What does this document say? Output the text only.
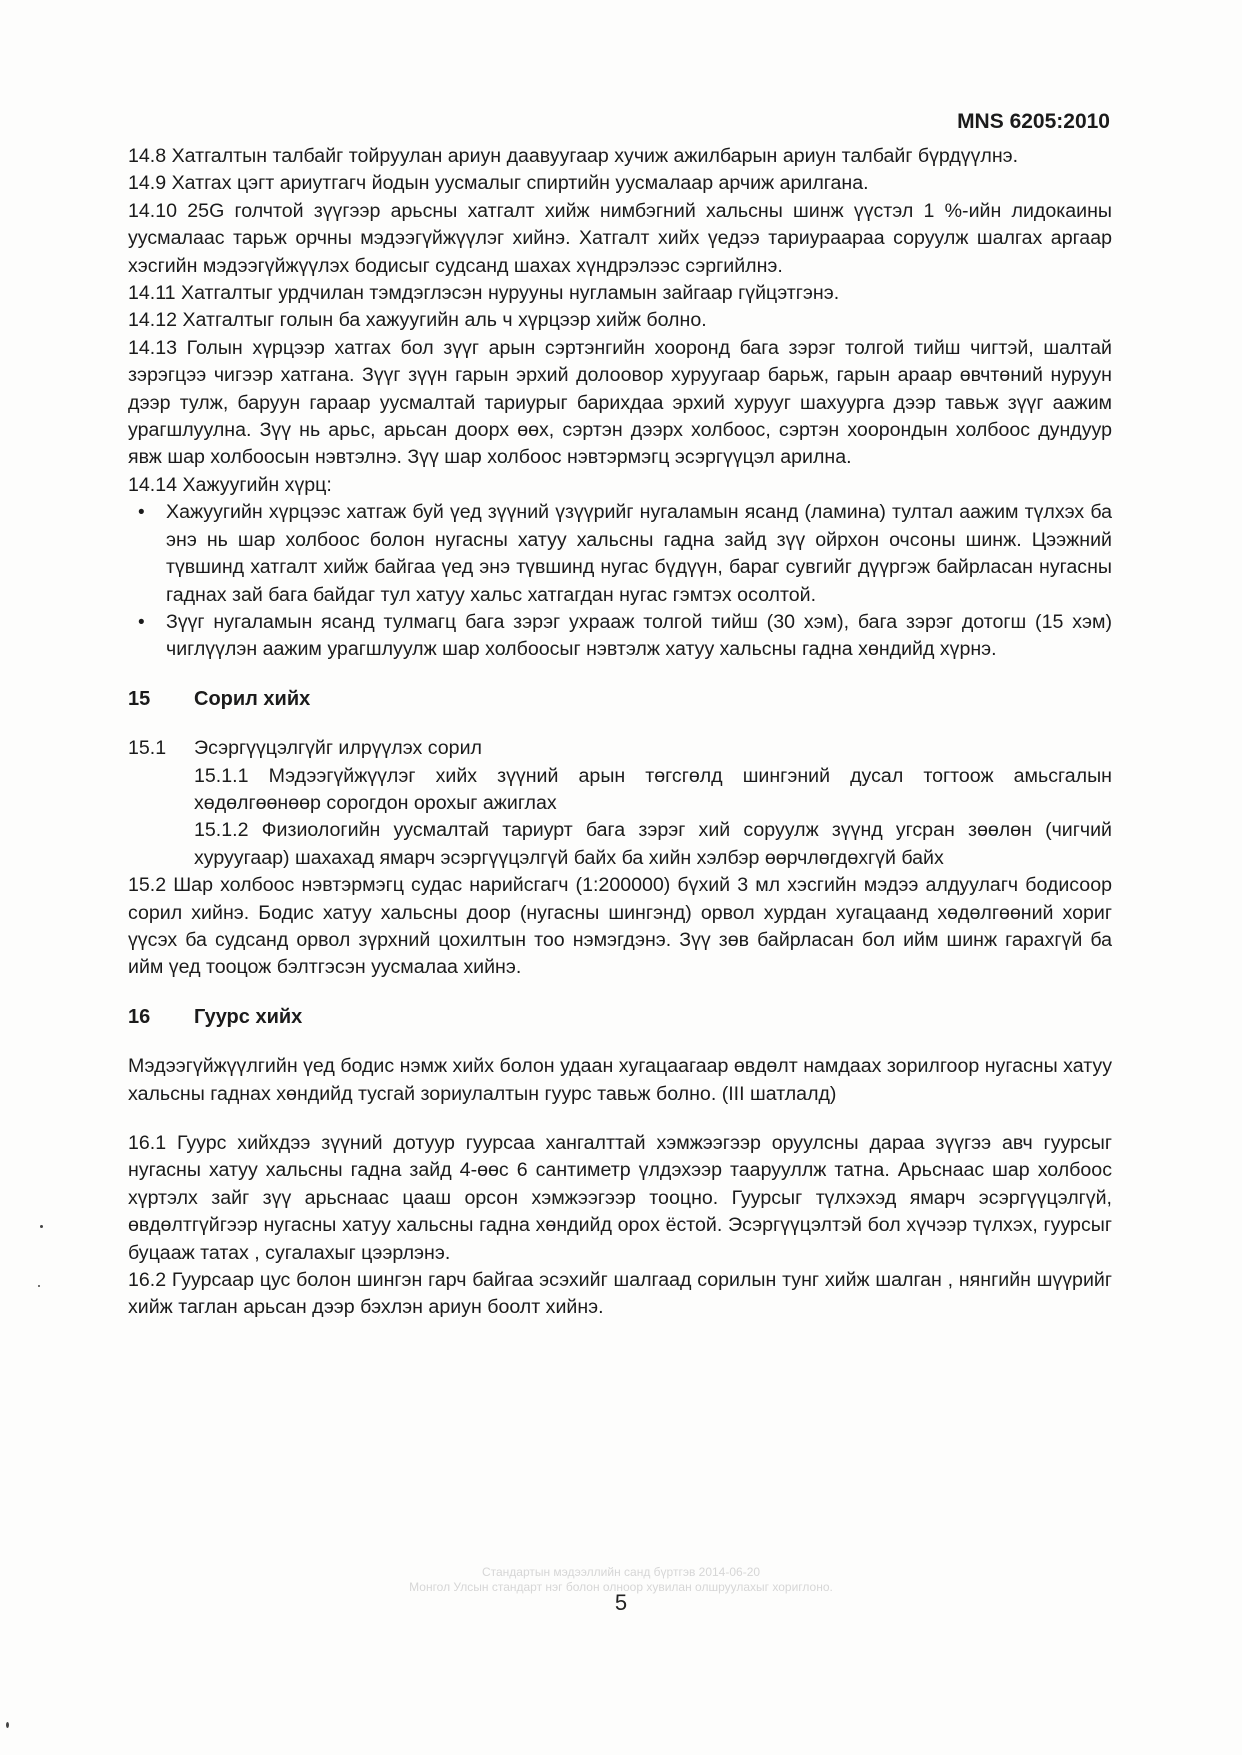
MNS 6205:2010

14.8 Хатгалтын талбайг тойруулан ариун даавуугаар хучиж ажилбарын ариун талбайг бүрдүүлнэ.

14.9 Хатгах цэгт ариутгагч йодын уусмалыг спиртийн уусмалаар арчиж арилгана.

14.10 25G голчтой зүүгээр арьсны хатгалт хийж нимбэгний хальсны шинж үүстэл 1 %-ийн лидокаины уусмалаас тарьж орчны мэдээгүйжүүлэг хийнэ. Хатгалт хийх үедээ тариураараа соруулж шалгах аргаар хэсгийн мэдээгүйжүүлэх бодисыг судсанд шахах хүндрэлээс сэргийлнэ.

14.11 Хатгалтыг урдчилан тэмдэглэсэн нурууны нугламын зайгаар гүйцэтгэнэ.

14.12 Хатгалтыг голын ба хажуугийн аль ч хүрцээр хийж болно.

14.13 Голын хүрцээр хатгах бол зүүг арын сэртэнгийн хооронд бага зэрэг толгой тийш чигтэй, шалтай зэрэгцээ чигээр хатгана. Зүүг зүүн гарын эрхий долоовор хуруугаар барьж, гарын араар өвчтөний нуруун дээр тулж, баруун гараар уусмалтай тариурыг барихдаа эрхий хурууг шахуурга дээр тавьж зүүг аажим урагшлуулна. Зүү нь арьс, арьсан доорх өөх, сэртэн дээрх холбоос, сэртэн хоорондын холбоос дундуур явж шар холбоосын нэвтэлнэ. Зүү шар холбоос нэвтэрмэгц эсэргүүцэл арилна.

14.14 Хажуугийн хүрц:

• Хажуугийн хүрцээс хатгаж буй үед зүүний үзүүрийг нугаламын ясанд (ламина) тултал аажим түлхэх ба энэ нь шар холбоос болон нугасны хатуу хальсны гадна зайд зүү ойрхон очсоны шинж. Цээжний түвшинд хатгалт хийж байгаа үед энэ түвшинд нугас бүдүүн, бараг сувгийг дүүргэж байрласан нугасны гаднах зай бага байдаг тул хатуу хальс хатгагдан нугас гэмтэх осолтой.
• Зүүг нугаламын ясанд тулмагц бага зэрэг ухрааж толгой тийш (30 хэм), бага зэрэг дотогш (15 хэм) чиглүүлэн аажим урагшлуулж шар холбоосыг нэвтэлж хатуу хальсны гадна хөндийд хүрнэ.

15 Сорил хийх

15.1 Эсэргүүцэлгүйг илрүүлэх сорил

15.1.1 Мэдээгүйжүүлэг хийх зүүний арын төгсгөлд шингэний дусал тогтоож амьсгалын хөдөлгөөнөөр сорогдон орохыг ажиглах

15.1.2 Физиологийн уусмалтай тариурт бага зэрэг хий соруулж зүүнд угсран зөөлөн (чигчий хуруугаар) шахахад ямарч эсэргүүцэлгүй байх ба хийн хэлбэр өөрчлөгдөхгүй байх

15.2 Шар холбоос нэвтэрмэгц судас нарийсгагч (1:200000) бүхий 3 мл хэсгийн мэдээ алдуулагч бодисоор сорил хийнэ. Бодис хатуу хальсны доор (нугасны шингэнд) орвол хурдан хугацаанд хөдөлгөөний хориг үүсэх ба судсанд орвол зүрхний цохилтын тоо нэмэгдэнэ. Зүү зөв байрласан бол ийм шинж гарахгүй ба ийм үед тооцож бэлтгэсэн уусмалаа хийнэ.

16 Гуурс хийх

Мэдээгүйжүүлгийн үед бодис нэмж хийх болон удаан хугацаагаар өвдөлт намдаах зорилгоор нугасны хатуу хальсны гаднах хөндийд тусгай зориулалтын гуурс тавьж болно. (III шатлалд)

16.1 Гуурс хийхдээ зүүний дотуур гуурсаа хангалттай хэмжээгээр оруулсны дараа зүүгээ авч гуурсыг нугасны хатуу хальсны гадна зайд 4-өөс 6 сантиметр үлдэхээр таарууллж татна. Арьснаас шар холбоос хүртэлх зайг зүү арьснаас цааш орсон хэмжээгээр тооцно. Гуурсыг түлхэхэд ямарч эсэргүүцэлгүй, өвдөлтгүйгээр нугасны хатуу хальсны гадна хөндийд орох ёстой. Эсэргүүцэлтэй бол хүчээр түлхэх, гуурсыг буцааж татах , сугалахыг цээрлэнэ.

16.2 Гуурсаар цус болон шингэн гарч байгаа эсэхийг шалгаад сорилын тунг хийж шалган , нянгийн шүүрийг хийж таглан арьсан дээр бэхлэн ариун боолт хийнэ.

Стандартын мэдээллийн санд бүртгэв 2014-06-20
Монгол Улсын стандарт нэг болон олноор хувилан олшруулахыг хориглоно.
5
